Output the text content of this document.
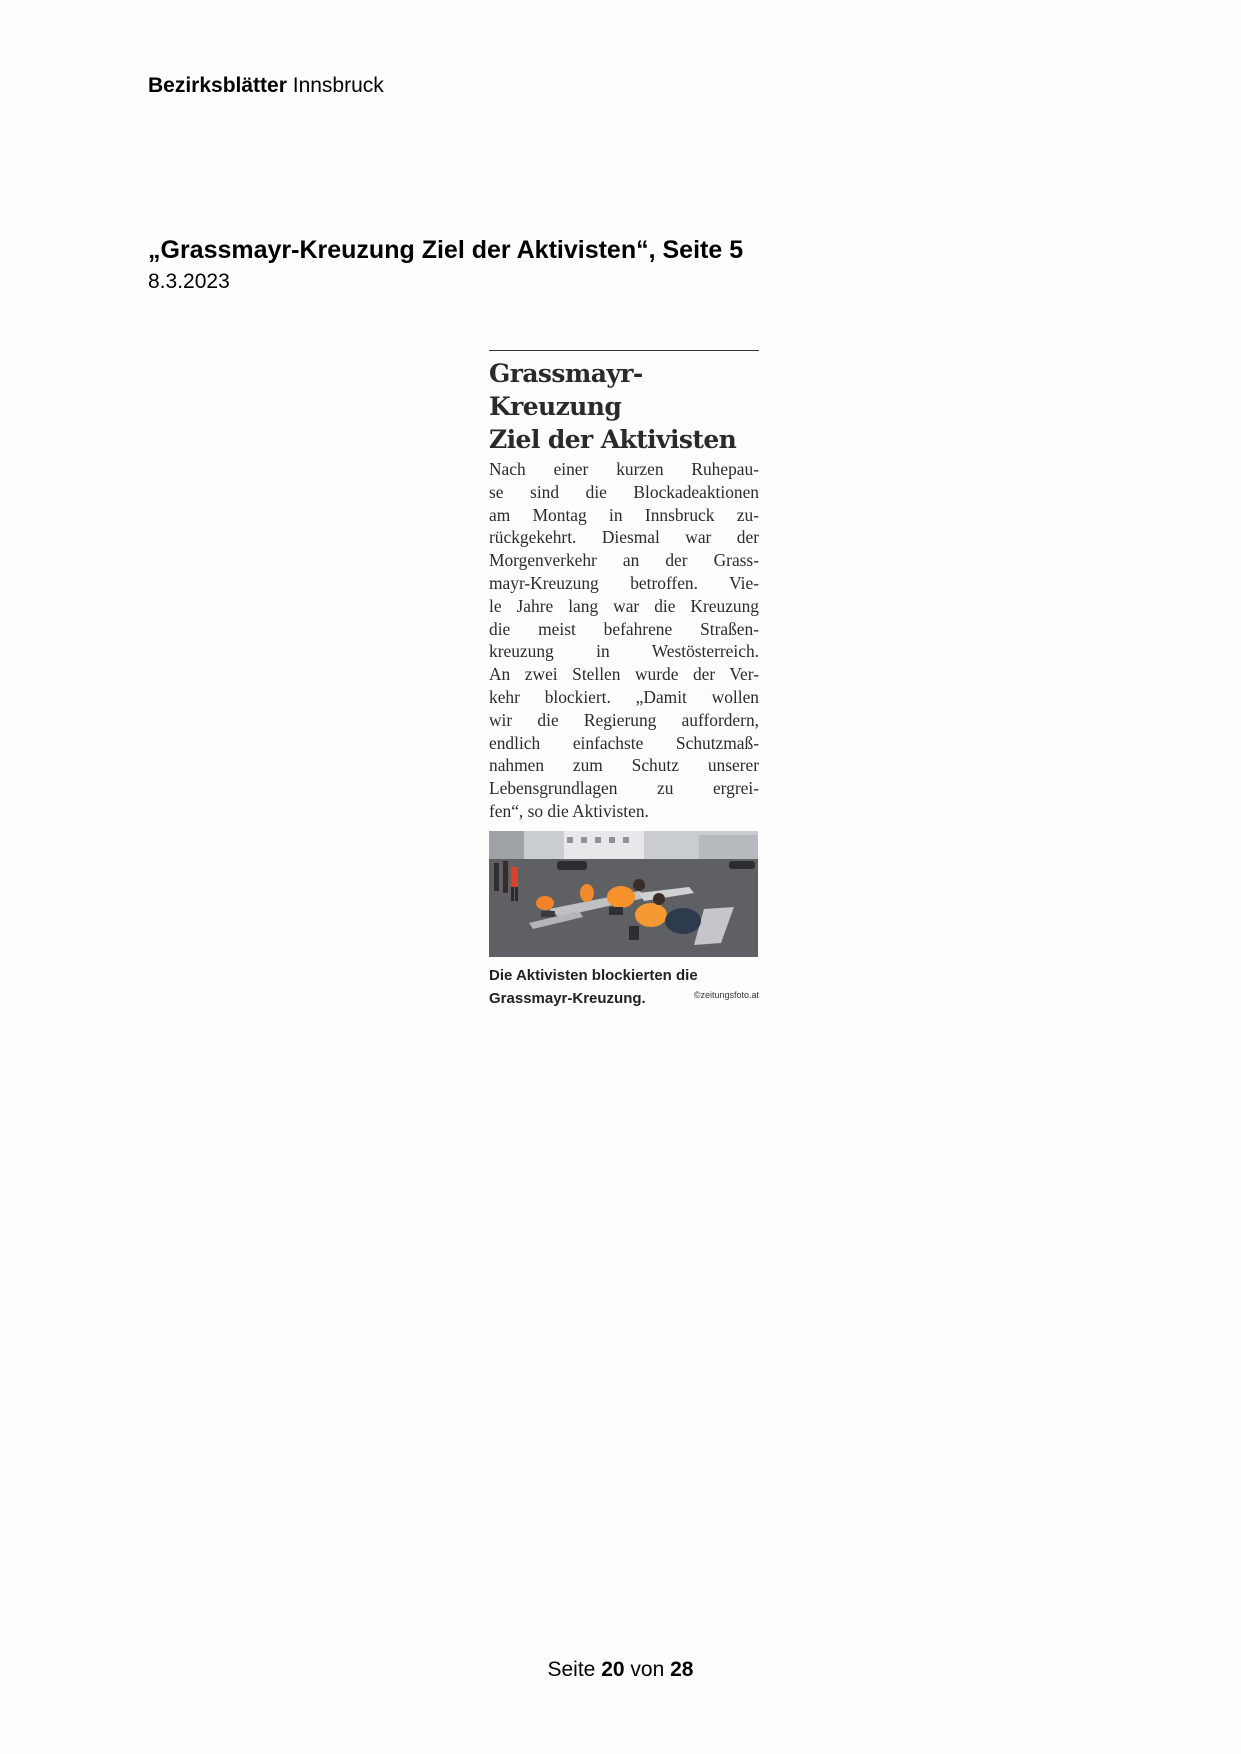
Bezirksblätter Innsbruck
„Grassmayr-Kreuzung Ziel der Aktivisten“, Seite 5
8.3.2023
Grassmayr-Kreuzung
Ziel der Aktivisten
Nach einer kurzen Ruhepau-
se sind die Blockadeaktionen
am Montag in Innsbruck zu-
rückgekehrt. Diesmal war der
Morgenverkehr an der Grass-
mayr-Kreuzung betroffen. Vie-
le Jahre lang war die Kreuzung
die meist befahrene Straßen-
kreuzung in Westösterreich.
An zwei Stellen wurde der Ver-
kehr blockiert. „Damit wollen
wir die Regierung auffordern,
endlich einfachste Schutzmaß-
nahmen zum Schutz unserer
Lebensgrundlagen zu ergrei-
fen“, so die Aktivisten.
Die Aktivisten blockierten die
Grassmayr-Kreuzung.	©zeitungsfoto.at
Seite 20 von 28
